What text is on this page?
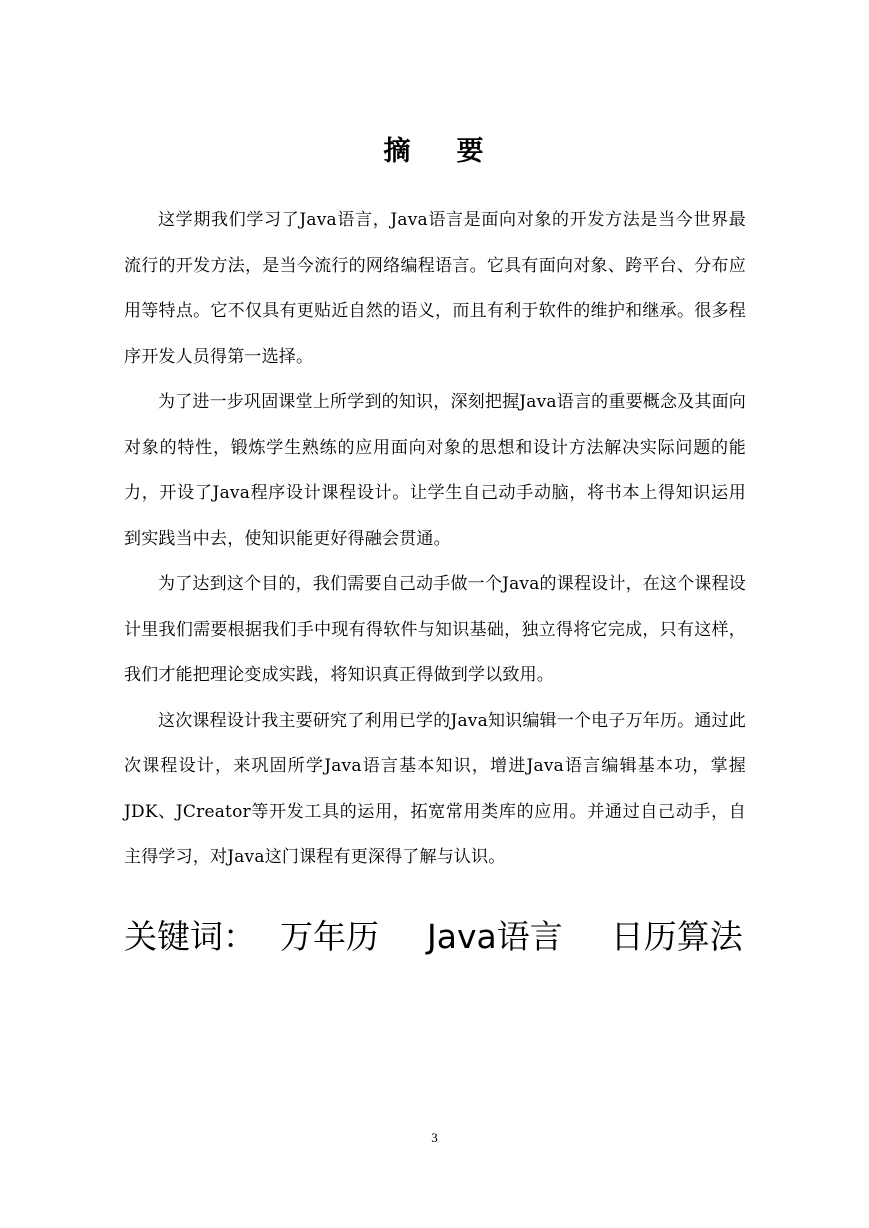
摘 要

这学期我们学习了Java语言，Java语言是面向对象的开发方法是当今世界最流行的开发方法，是当今流行的网络编程语言。它具有面向对象、跨平台、分布应用等特点。它不仅具有更贴近自然的语义，而且有利于软件的维护和继承。很多程序开发人员得第一选择。

为了进一步巩固课堂上所学到的知识，深刻把握Java语言的重要概念及其面向对象的特性，锻炼学生熟练的应用面向对象的思想和设计方法解决实际问题的能力，开设了Java程序设计课程设计。让学生自己动手动脑，将书本上得知识运用到实践当中去，使知识能更好得融会贯通。

为了达到这个目的，我们需要自己动手做一个Java的课程设计，在这个课程设计里我们需要根据我们手中现有得软件与知识基础，独立得将它完成，只有这样，我们才能把理论变成实践，将知识真正得做到学以致用。

这次课程设计我主要研究了利用已学的Java知识编辑一个电子万年历。通过此次课程设计，来巩固所学Java语言基本知识，增进Java语言编辑基本功，掌握JDK、JCreator等开发工具的运用，拓宽常用类库的应用。并通过自己动手，自主得学习，对Java这门课程有更深得了解与认识。

关键词： 万年历 Java语言 日历算法
3
